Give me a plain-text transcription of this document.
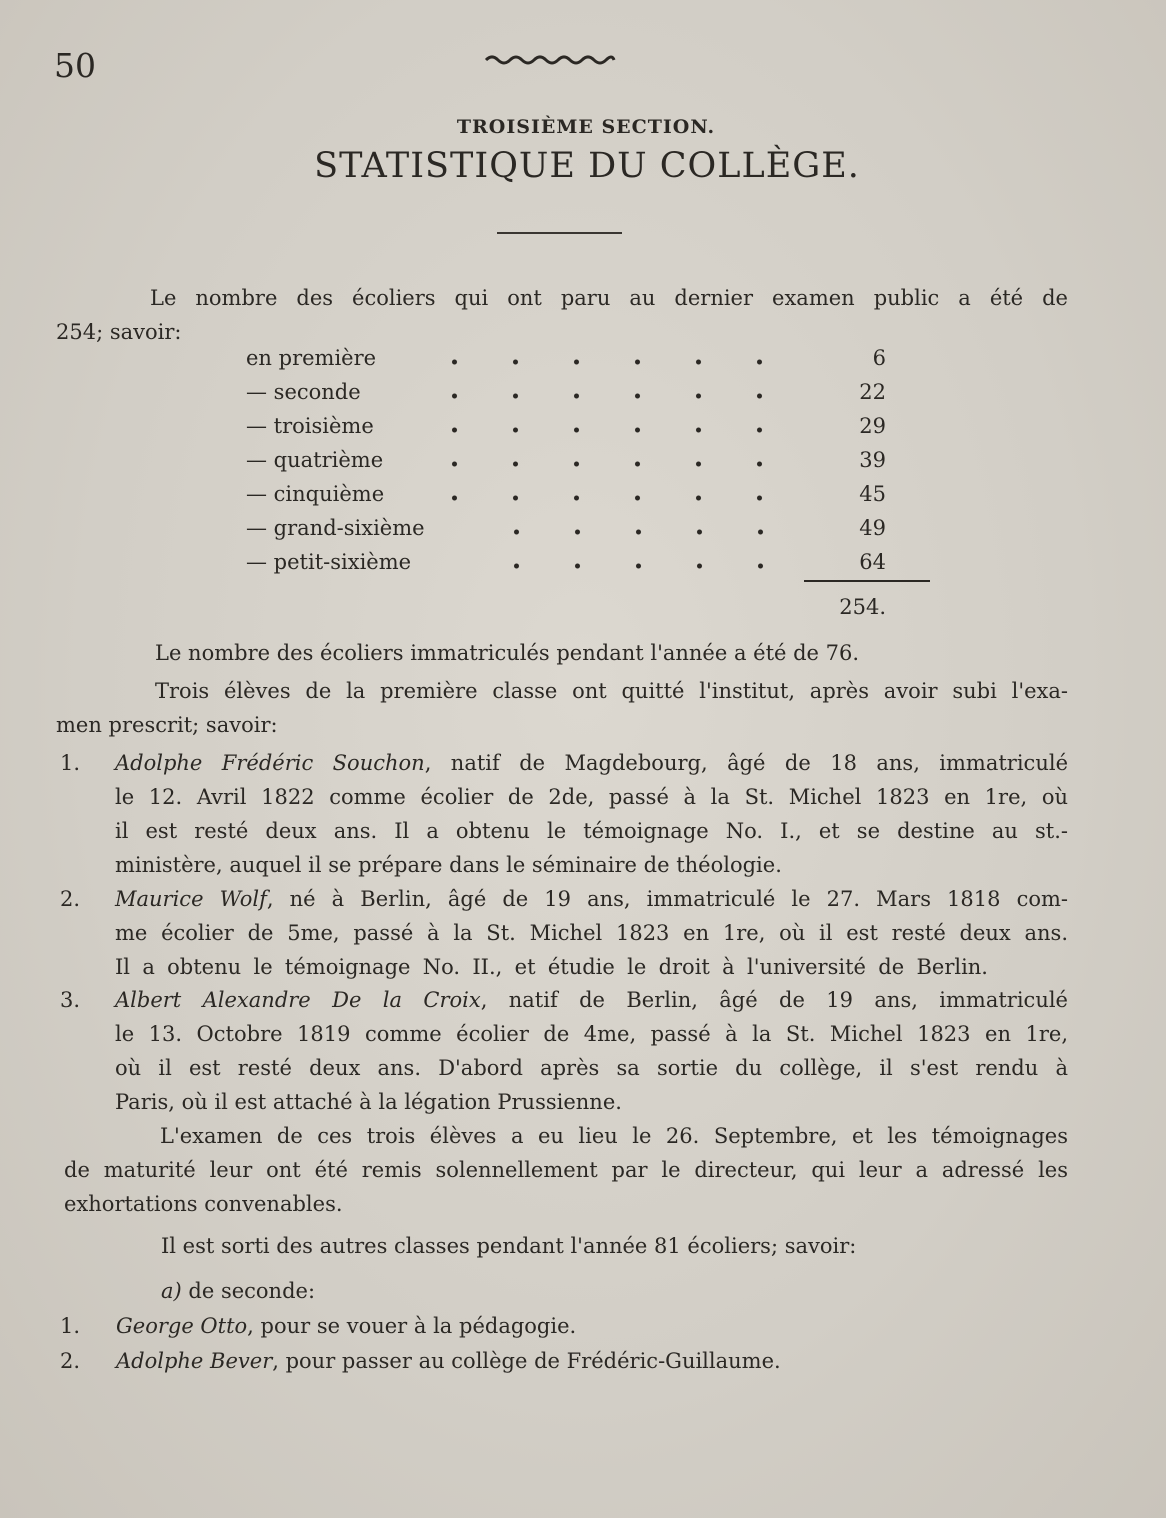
50
TROISIÈME SECTION.
STATISTIQUE DU COLLÈGE.
Le nombre des écoliers qui ont paru au dernier examen public a été de
254; savoir:
en première	6
— seconde	22
— troisième	29
— quatrième	39
— cinquième	45
— grand-sixième	49
— petit-sixième	64
254.
Le nombre des écoliers immatriculés pendant l'année a été de 76.
Trois élèves de la première classe ont quitté l'institut, après avoir subi l'exa-
men prescrit; savoir:
1. Adolphe Frédéric Souchon, natif de Magdebourg, âgé de 18 ans, immatriculé
le 12. Avril 1822 comme écolier de 2de, passé à la St. Michel 1823 en 1re, où
il est resté deux ans. Il a obtenu le témoignage No. I., et se destine au st.-
ministère, auquel il se prépare dans le séminaire de théologie.
2. Maurice Wolf, né à Berlin, âgé de 19 ans, immatriculé le 27. Mars 1818 com-
me écolier de 5me, passé à la St. Michel 1823 en 1re, où il est resté deux ans.
Il a obtenu le témoignage No. II., et étudie le droit à l'université de Berlin.
3. Albert Alexandre De la Croix, natif de Berlin, âgé de 19 ans, immatriculé
le 13. Octobre 1819 comme écolier de 4me, passé à la St. Michel 1823 en 1re,
où il est resté deux ans. D'abord après sa sortie du collège, il s'est rendu à
Paris, où il est attaché à la légation Prussienne.
L'examen de ces trois élèves a eu lieu le 26. Septembre, et les témoignages
de maturité leur ont été remis solennellement par le directeur, qui leur a adressé les
exhortations convenables.
Il est sorti des autres classes pendant l'année 81 écoliers; savoir:
a) de seconde:
1. George Otto, pour se vouer à la pédagogie.
2. Adolphe Bever, pour passer au collège de Frédéric-Guillaume.
